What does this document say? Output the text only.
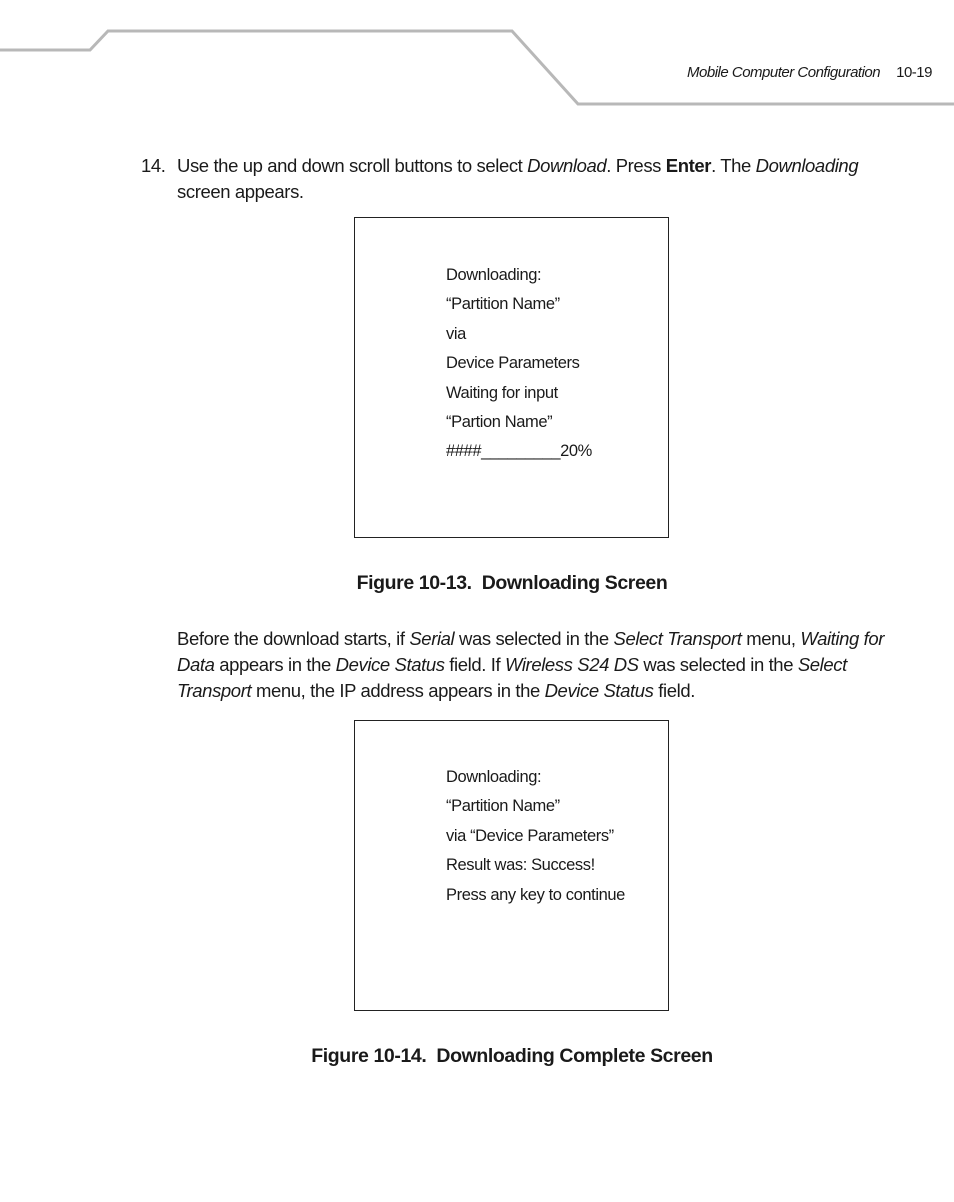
Mobile Computer Configuration 10-19
14. Use the up and down scroll buttons to select Download. Press Enter. The Downloading screen appears.
Downloading:
“Partition Name”
via
Device Parameters
Waiting for input
“Partion Name”
####_________20%
Figure 10-13.  Downloading Screen
Before the download starts, if Serial was selected in the Select Transport menu, Waiting for Data appears in the Device Status field. If Wireless S24 DS was selected in the Select Transport menu, the IP address appears in the Device Status field.
Downloading:
“Partition Name”
via “Device Parameters”
Result was: Success!
Press any key to continue
Figure 10-14.  Downloading Complete Screen
